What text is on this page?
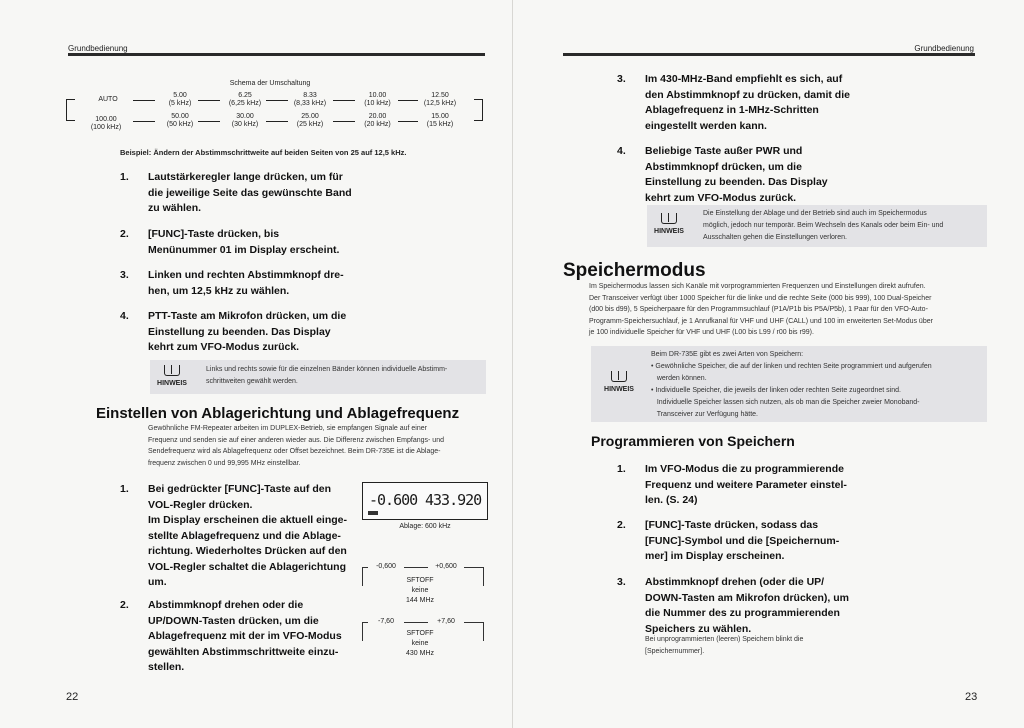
Grundbedienung
Schema der Umschaltung
AUTO
100.00
(100 kHz)
5.00
(5 kHz)
6.25
(6,25 kHz)
8.33
(8,33 kHz)
10.00
(10 kHz)
12.50
(12,5 kHz)
50.00
(50 kHz)
30.00
(30 kHz)
25.00
(25 kHz)
20.00
(20 kHz)
15.00
(15 kHz)
Beispiel: Ändern der Abstimmschrittweite auf beiden Seiten von 25 auf 12,5 kHz.
1. Lautstärkeregler lange drücken, um für
die jeweilige Seite das gewünschte Band
zu wählen.
2. [FUNC]-Taste drücken, bis
Menünummer 01 im Display erscheint.
3. Linken und rechten Abstimmknopf dre-
hen, um 12,5 kHz zu wählen.
4. PTT-Taste am Mikrofon drücken, um die
Einstellung zu beenden. Das Display
kehrt zum VFO-Modus zurück.
HINWEIS
Links und rechts sowie für die einzelnen Bänder können individuelle Abstimm-
schrittweiten gewählt werden.
Einstellen von Ablagerichtung und Ablagefrequenz
Gewöhnliche FM-Repeater arbeiten im DUPLEX-Betrieb, sie empfangen Signale auf einer
Frequenz und senden sie auf einer anderen wieder aus. Die Differenz zwischen Empfangs- und
Sendefrequenz wird als Ablagefrequenz oder Offset bezeichnet. Beim DR-735E ist die Ablage-
frequenz zwischen 0 und 99,995 MHz einstellbar.
1. Bei gedrückter [FUNC]-Taste auf den
VOL-Regler drücken.
Im Display erscheinen die aktuell einge-
stellte Ablagefrequenz und die Ablage-
richtung. Wiederholtes Drücken auf den
VOL-Regler schaltet die Ablagerichtung
um.
2. Abstimmknopf drehen oder die
UP/DOWN-Tasten drücken, um die
Ablagefrequenz mit der im VFO-Modus
gewählten Abstimmschrittweite einzu-
stellen.
-0.600 433.920
Ablage: 600 kHz
-0,600	+0,600
SFTOFF
keine
144 MHz
-7,60	+7,60
SFTOFF
keine
430 MHz
22
Grundbedienung
3. Im 430-MHz-Band empfiehlt es sich, auf
den Abstimmknopf zu drücken, damit die
Ablagefrequenz in 1-MHz-Schritten
eingestellt werden kann.
4. Beliebige Taste außer PWR und
Abstimmknopf drücken, um die
Einstellung zu beenden. Das Display
kehrt zum VFO-Modus zurück.
HINWEIS
Die Einstellung der Ablage und der Betrieb sind auch im Speichermodus
möglich, jedoch nur temporär. Beim Wechseln des Kanals oder beim Ein- und
Ausschalten gehen die Einstellungen verloren.
Speichermodus
Im Speichermodus lassen sich Kanäle mit vorprogrammierten Frequenzen und Einstellungen direkt aufrufen.
Der Transceiver verfügt über 1000 Speicher für die linke und die rechte Seite (000 bis 999), 100 Dual-Speicher
(d00 bis d99), 5 Speicherpaare für den Programmsuchlauf (P1A/P1b bis P5A/P5b), 1 Paar für den VFO-Auto-
Programm-Speichersuchlauf, je 1 Anrufkanal für VHF und UHF (CALL) und 100 im erweiterten Set-Modus über
je 100 individuelle Speicher für VHF und UHF (L00 bis L99 / r00 bis r99).
HINWEIS
Beim DR-735E gibt es zwei Arten von Speichern:
• Gewöhnliche Speicher, die auf der linken und rechten Seite programmiert und aufgerufen
werden können.
• Individuelle Speicher, die jeweils der linken oder rechten Seite zugeordnet sind.
Individuelle Speicher lassen sich nutzen, als ob man die Speicher zweier Monoband-
Transceiver zur Verfügung hätte.
Programmieren von Speichern
1. Im VFO-Modus die zu programmierende
Frequenz und weitere Parameter einstel-
len. (S. 24)
2. [FUNC]-Taste drücken, sodass das
[FUNC]-Symbol und die [Speichernum-
mer] im Display erscheinen.
3. Abstimmknopf drehen (oder die UP/
DOWN-Tasten am Mikrofon drücken), um
die Nummer des zu programmierenden
Speichers zu wählen.
Bei unprogrammierten (leeren) Speichern blinkt die
[Speichernummer].
23
